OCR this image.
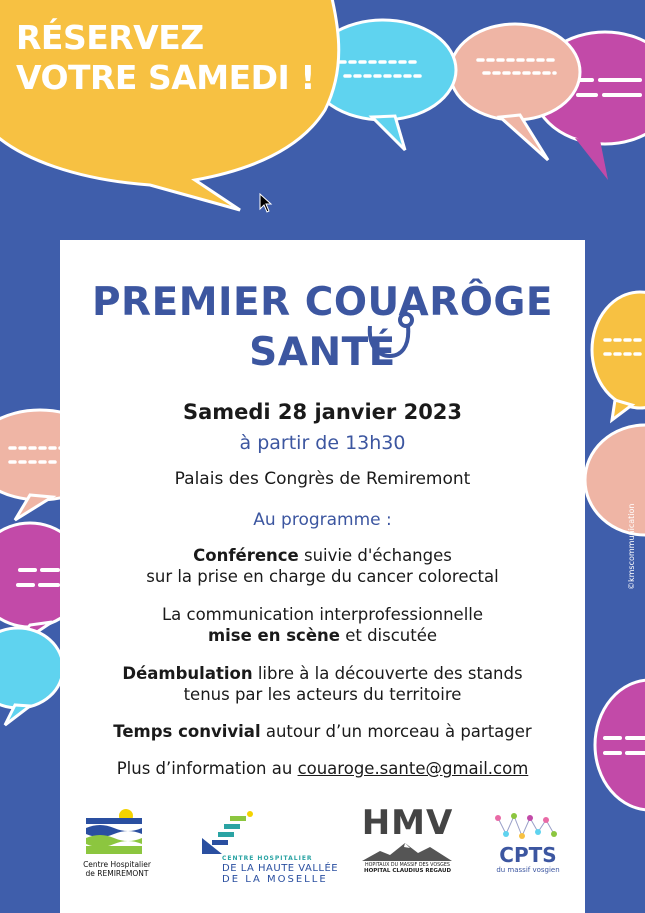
RÉSERVEZ
VOTRE SAMEDI !
PREMIER COUARÔGE
SANTÉ
Samedi 28 janvier 2023
à partir de 13h30
Palais des Congrès de Remiremont
Au programme :
Conférence suivie d'échanges
sur la prise en charge du cancer colorectal
La communication interprofessionnelle
mise en scène et discutée
Déambulation libre à la découverte des stands
tenus par les acteurs du territoire
Temps convivial autour d’un morceau à partager
Plus d’information au couaroge.sante@gmail.com
Centre Hospitalier
de REMIREMONT
CENTRE HOSPITALIER
DE LA HAUTE VALLÉE
DE LA MOSELLE
HMV
HOPITAUX DU MASSIF DES VOSGES
HOPITAL CLAUDIUS REGAUD
CPTS
du massif vosgien
©kmscommunication
